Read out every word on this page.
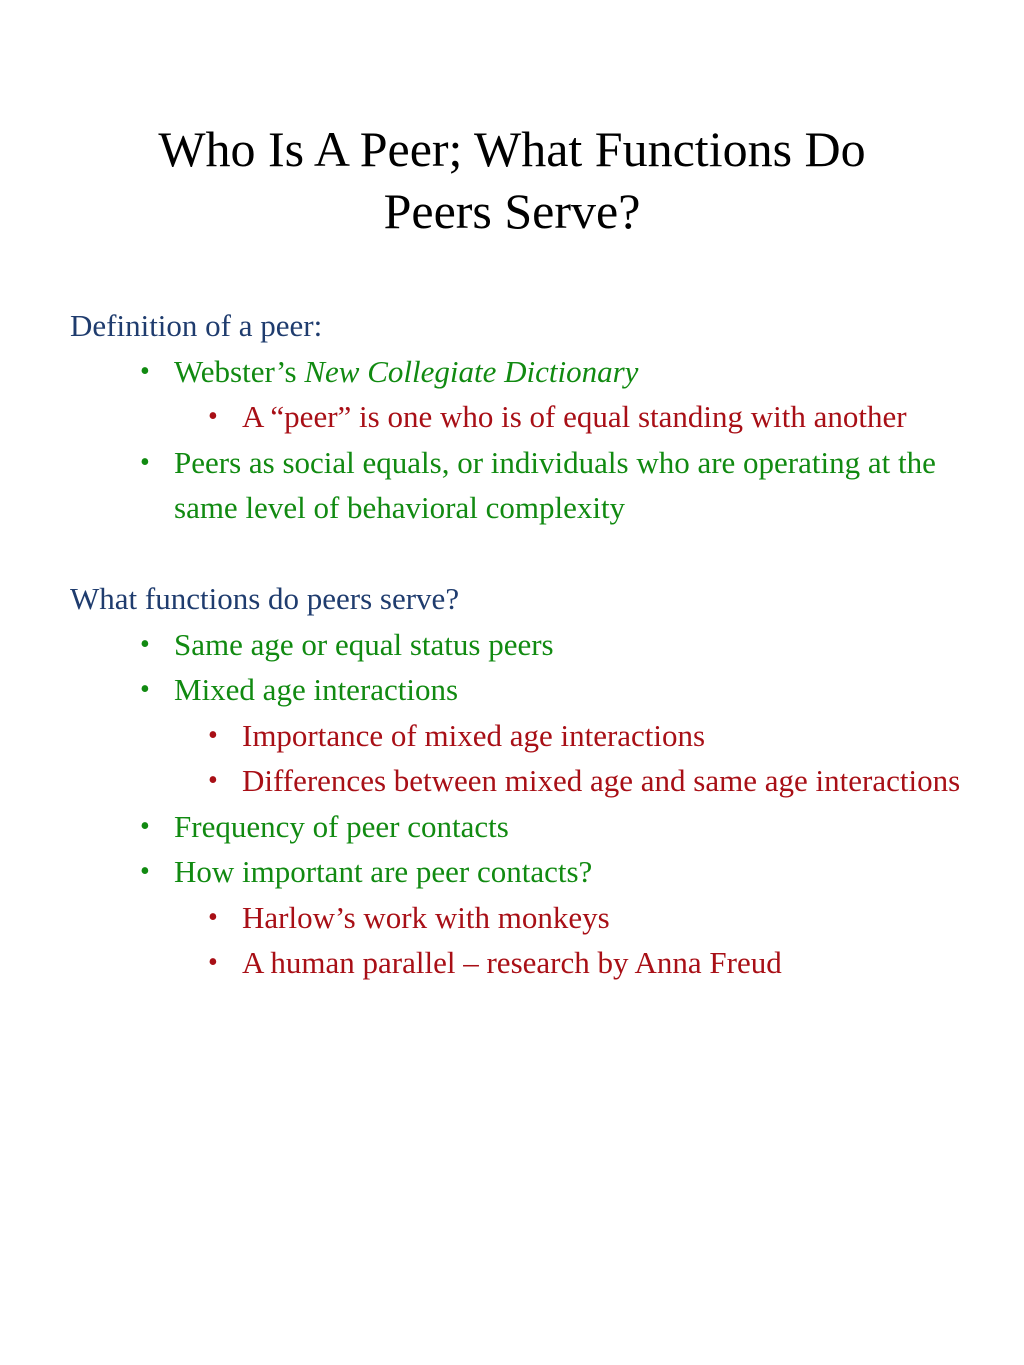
Who Is A Peer; What Functions Do
Peers Serve?
Definition of a peer:
• Webster’s New Collegiate Dictionary
• A “peer” is one who is of equal standing with another
• Peers as social equals, or individuals who are operating at the same level of behavioral complexity
What functions do peers serve?
• Same age or equal status peers
• Mixed age interactions
• Importance of mixed age interactions
• Differences between mixed age and same age interactions
• Frequency of peer contacts
• How important are peer contacts?
• Harlow’s work with monkeys
• A human parallel – research by Anna Freud
